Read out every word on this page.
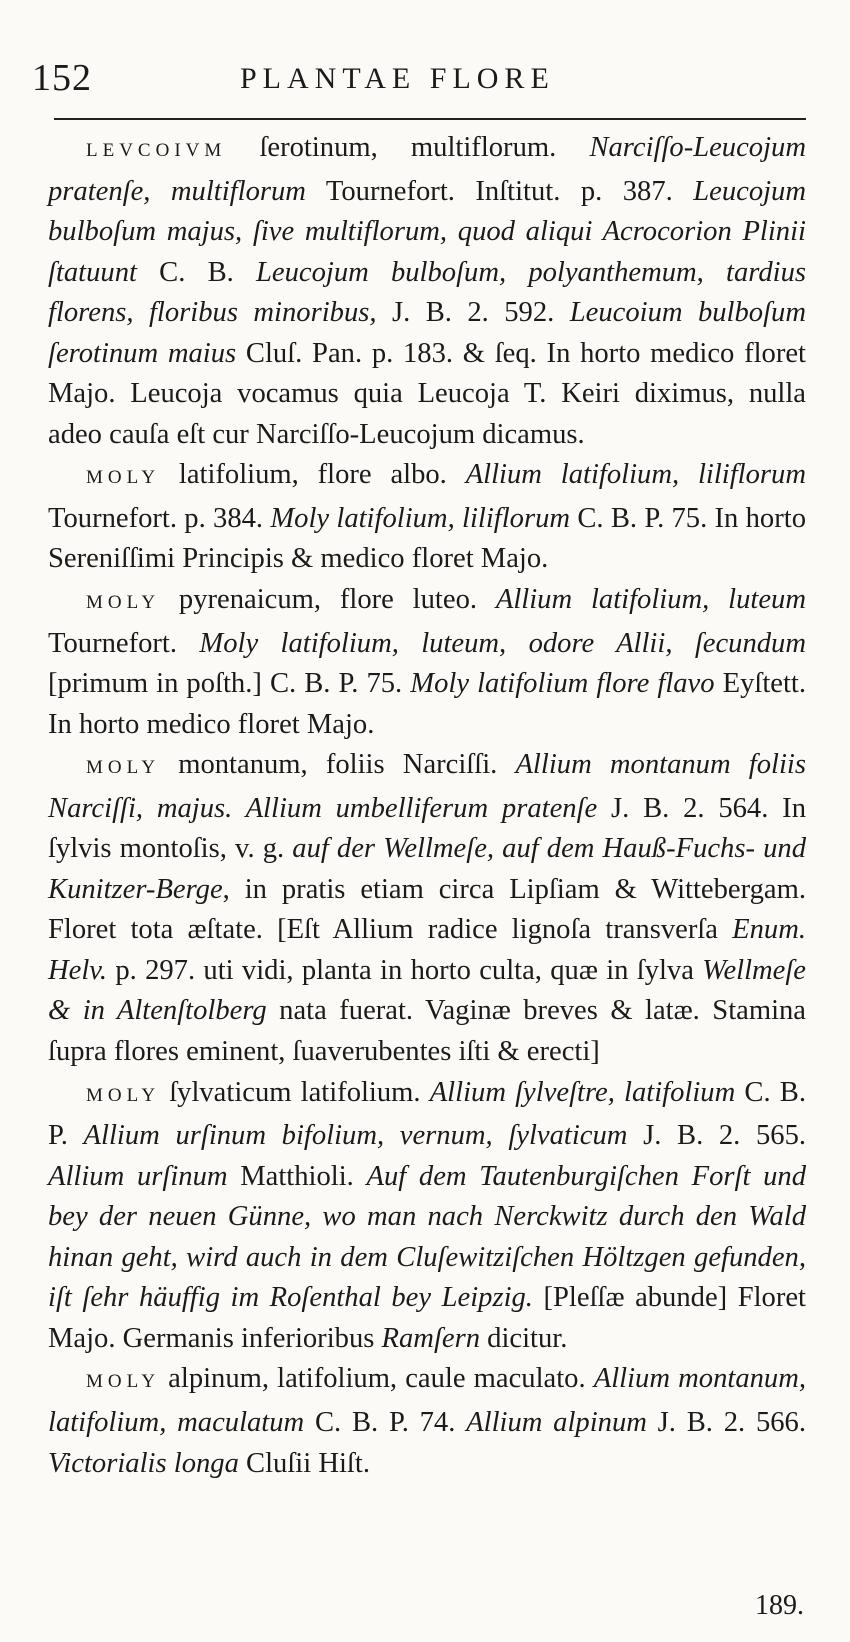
152	PLANTAE FLORE

LEVCOIVM ſerotinum, multiflorum. Narciſſo-Leucojum pratenſe, multiflorum Tournefort. Inſtitut. p. 387. Leucojum bulboſum majus, ſive multiflorum, quod aliqui Acrocorion Plinii ſtatuunt C. B. Leucojum bulboſum, polyanthemum, tardius florens, floribus minoribus, J. B. 2. 592. Leucoium bulboſum ſerotinum maius Cluſ. Pan. p. 183. & ſeq. In horto medico floret Majo. Leucoja vocamus quia Leucoja T. Keiri diximus, nulla adeo cauſa eſt cur Narciſſo-Leucojum dicamus.

MOLY latifolium, flore albo. Allium latifolium, liliflorum Tournefort. p. 384. Moly latifolium, liliflorum C. B. P. 75. In horto Sereniſſimi Principis & medico floret Majo.

MOLY pyrenaicum, flore luteo. Allium latifolium, luteum Tournefort. Moly latifolium, luteum, odore Allii, ſecundum [primum in poſth.] C. B. P. 75. Moly latifolium flore flavo Eyſtett. In horto medico floret Majo.

MOLY montanum, foliis Narciſſi. Allium montanum foliis Narciſſi, majus. Allium umbelliferum pratenſe J. B. 2. 564. In ſylvis montoſis, v. g. auf der Wellmeſe, auf dem Hauß-Fuchs- und Kunitzer-Berge, in pratis etiam circa Lipſiam & Wittebergam. Floret tota æſtate. [Eſt Allium radice lignoſa transverſa Enum. Helv. p. 297. uti vidi, planta in horto culta, quæ in ſylva Wellmeſe & in Altenſtolberg nata fuerat. Vaginæ breves & latæ. Stamina ſupra flores eminent, ſuaverubentes iſti & erecti]

MOLY ſylvaticum latifolium. Allium ſylveſtre, latifolium C. B. P. Allium urſinum bifolium, vernum, ſylvaticum J. B. 2. 565. Allium urſinum Matthioli. Auf dem Tautenburgiſchen Forſt und bey der neuen Günne, wo man nach Nerckwitz durch den Wald hinan geht, wird auch in dem Cluſewitziſchen Höltzgen gefunden, iſt ſehr häuffig im Roſenthal bey Leipzig. [Pleſſæ abunde] Floret Majo. Germanis inferioribus Ramſern dicitur.

MOLY alpinum, latifolium, caule maculato. Allium montanum, latifolium, maculatum C. B. P. 74. Allium alpinum J. B. 2. 566. Victorialis longa Cluſii Hiſt.

189.
